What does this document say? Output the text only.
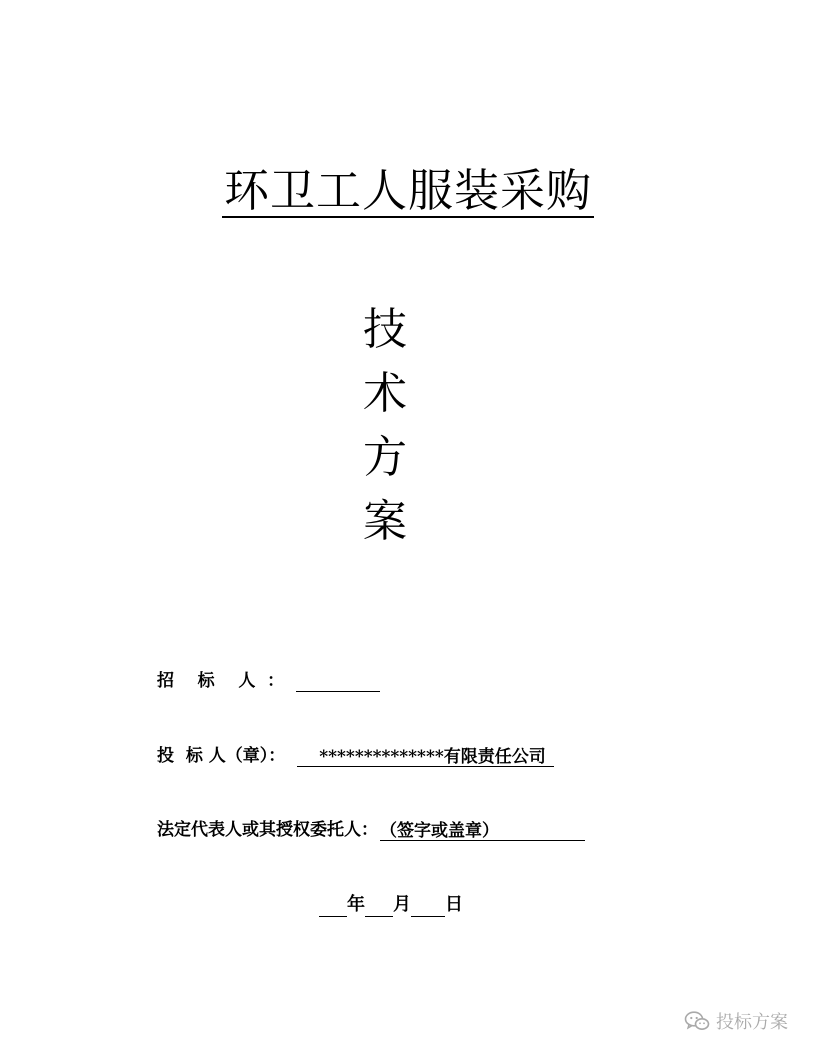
环卫工人服装采购
技
术
方
案
招    标    人  ：
投  标 人（章）： **************有限责任公司
法定代表人或其授权委托人： （签字或盖章）
年 月 日
投标方案
